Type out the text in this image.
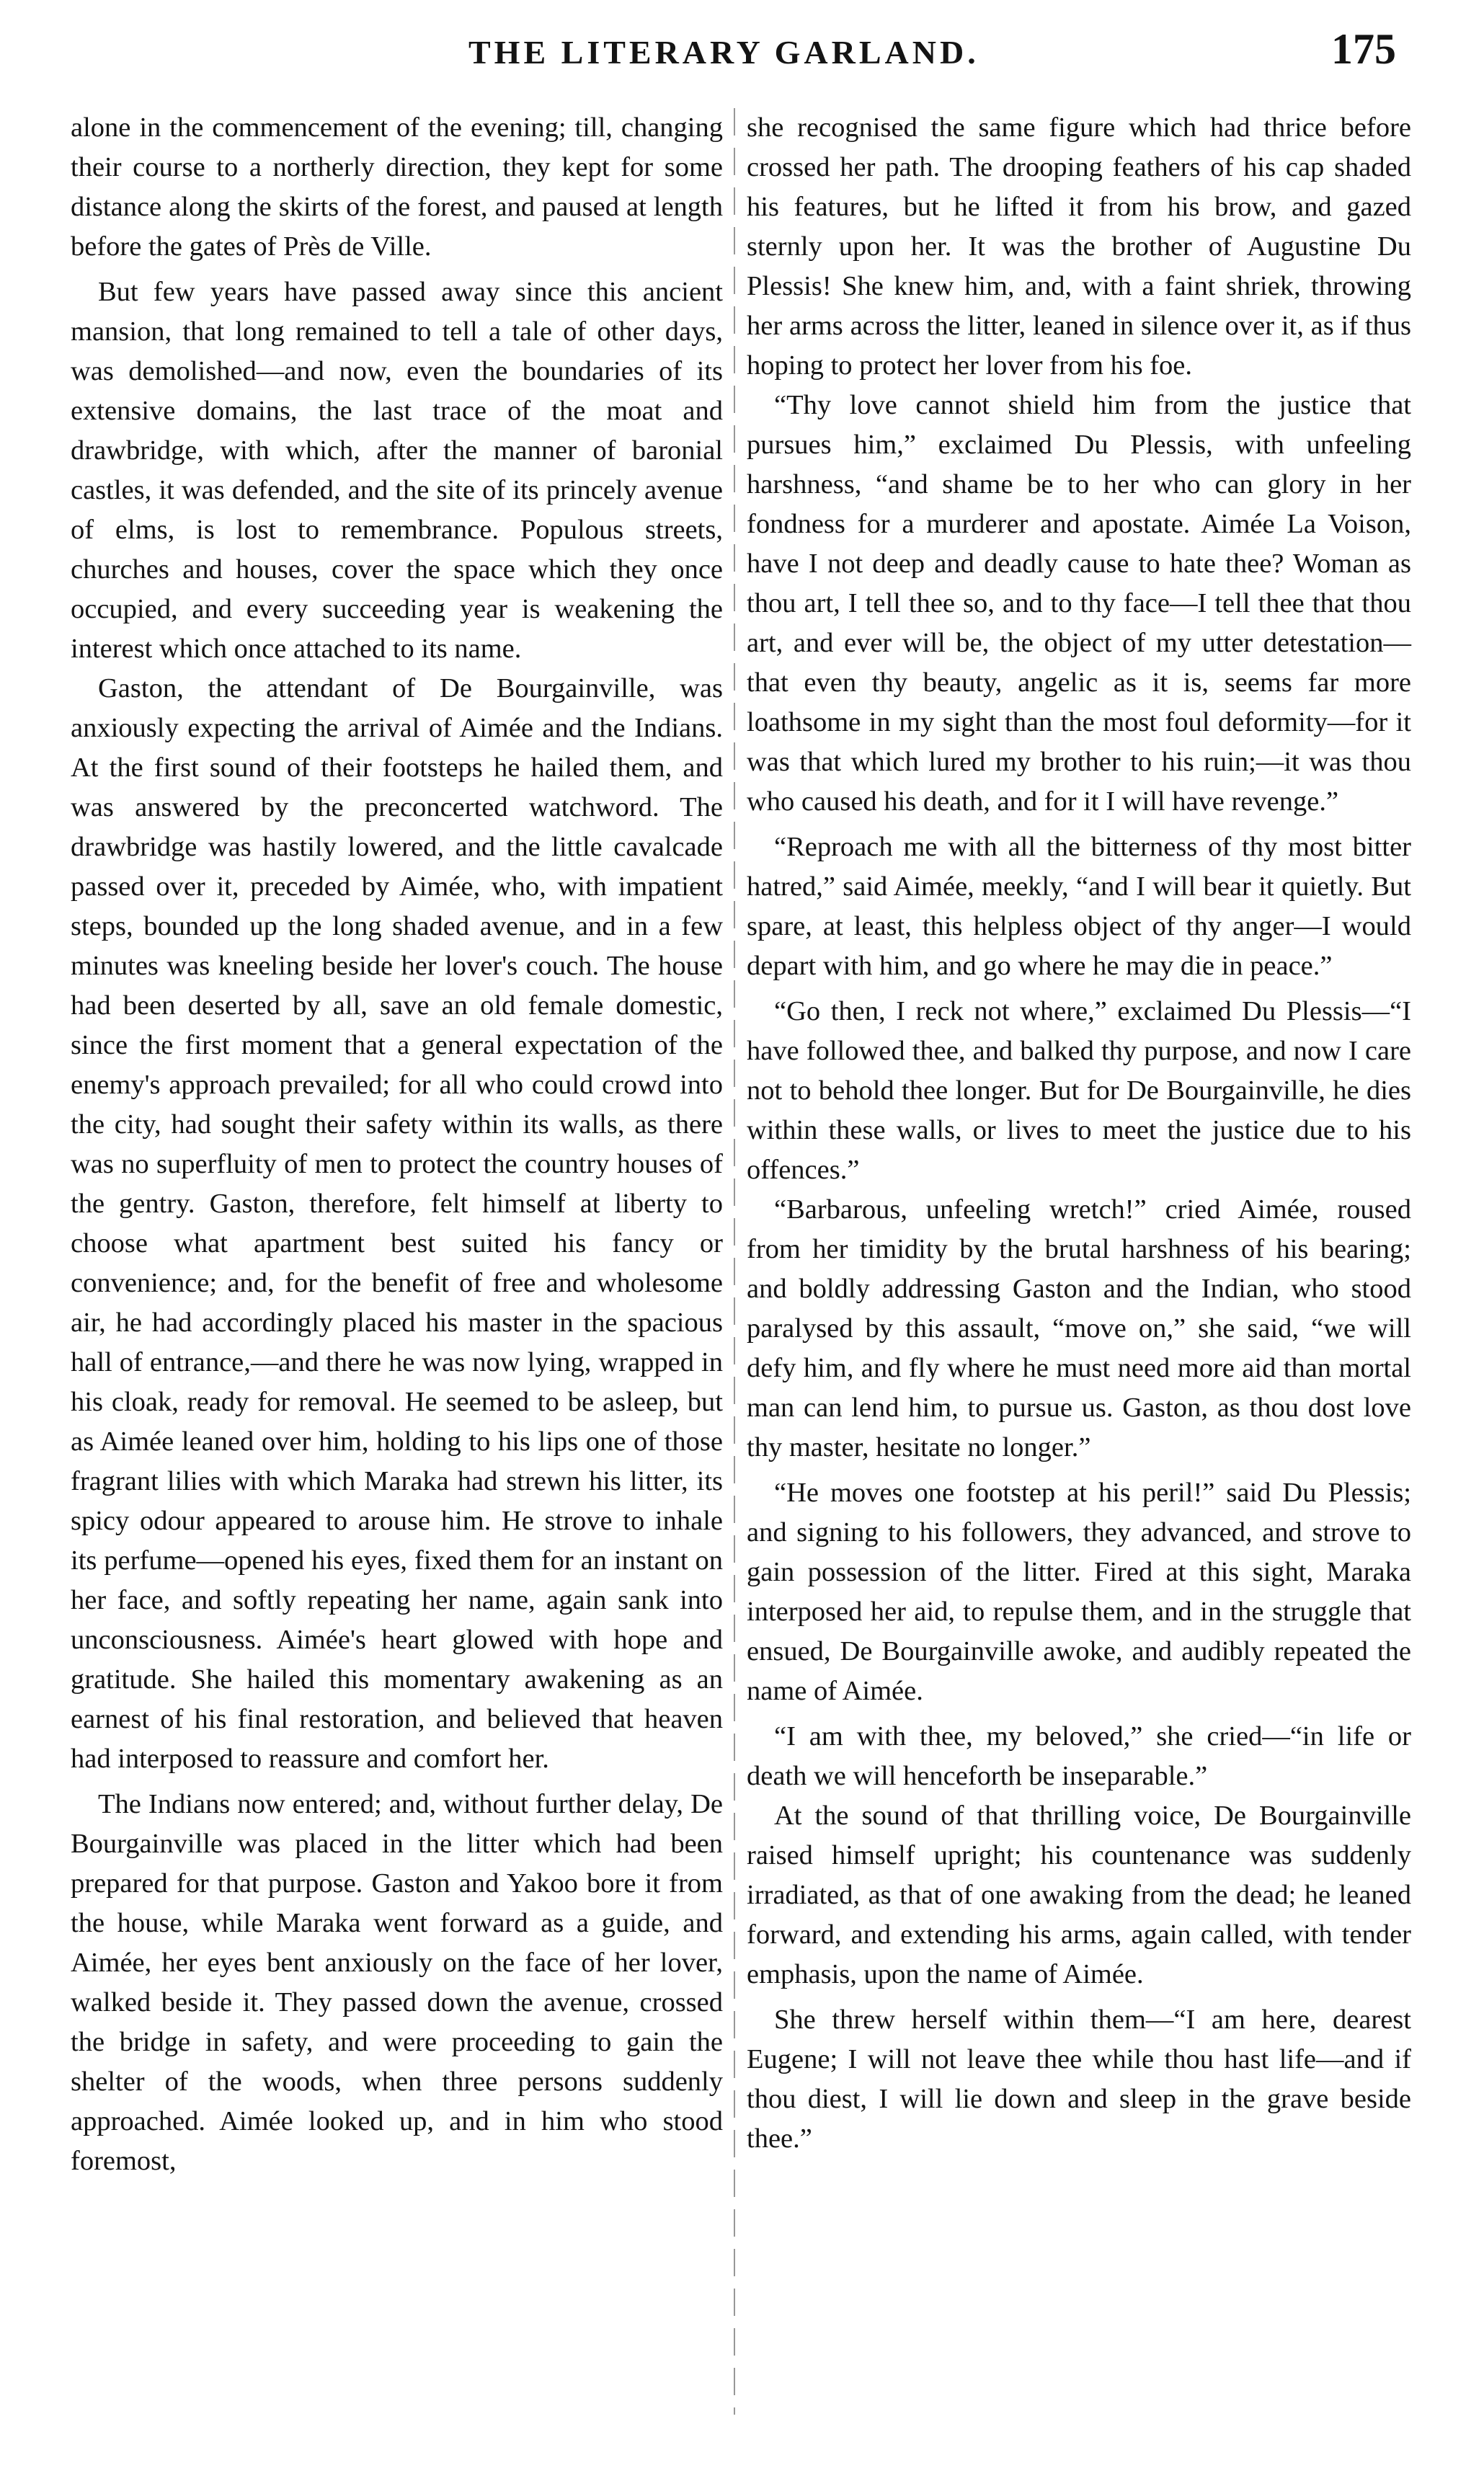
THE LITERARY GARLAND.	175

alone in the commencement of the evening; till, changing their course to a northerly direction, they kept for some distance along the skirts of the forest, and paused at length before the gates of Près de Ville.

But few years have passed away since this ancient mansion, that long remained to tell a tale of other days, was demolished—and now, even the boundaries of its extensive domains, the last trace of the moat and drawbridge, with which, after the manner of baronial castles, it was defended, and the site of its princely avenue of elms, is lost to remembrance. Populous streets, churches and houses, cover the space which they once occupied, and every succeeding year is weakening the interest which once attached to its name.

Gaston, the attendant of De Bourgainville, was anxiously expecting the arrival of Aimée and the Indians. At the first sound of their footsteps he hailed them, and was answered by the preconcerted watchword. The drawbridge was hastily lowered, and the little cavalcade passed over it, preceded by Aimée, who, with impatient steps, bounded up the long shaded avenue, and in a few minutes was kneeling beside her lover's couch. The house had been deserted by all, save an old female domestic, since the first moment that a general expectation of the enemy's approach prevailed; for all who could crowd into the city, had sought their safety within its walls, as there was no superfluity of men to protect the country houses of the gentry. Gaston, therefore, felt himself at liberty to choose what apartment best suited his fancy or convenience; and, for the benefit of free and wholesome air, he had accordingly placed his master in the spacious hall of entrance,—and there he was now lying, wrapped in his cloak, ready for removal. He seemed to be asleep, but as Aimée leaned over him, holding to his lips one of those fragrant lilies with which Maraka had strewn his litter, its spicy odour appeared to arouse him. He strove to inhale its perfume—opened his eyes, fixed them for an instant on her face, and softly repeating her name, again sank into unconsciousness. Aimée's heart glowed with hope and gratitude. She hailed this momentary awakening as an earnest of his final restoration, and believed that heaven had interposed to reassure and comfort her.

The Indians now entered; and, without further delay, De Bourgainville was placed in the litter which had been prepared for that purpose. Gaston and Yakoo bore it from the house, while Maraka went forward as a guide, and Aimée, her eyes bent anxiously on the face of her lover, walked beside it. They passed down the avenue, crossed the bridge in safety, and were proceeding to gain the shelter of the woods, when three persons suddenly approached. Aimée looked up, and in him who stood foremost,

she recognised the same figure which had thrice before crossed her path. The drooping feathers of his cap shaded his features, but he lifted it from his brow, and gazed sternly upon her. It was the brother of Augustine Du Plessis! She knew him, and, with a faint shriek, throwing her arms across the litter, leaned in silence over it, as if thus hoping to protect her lover from his foe.

“Thy love cannot shield him from the justice that pursues him,” exclaimed Du Plessis, with unfeeling harshness, “and shame be to her who can glory in her fondness for a murderer and apostate. Aimée La Voison, have I not deep and deadly cause to hate thee? Woman as thou art, I tell thee so, and to thy face—I tell thee that thou art, and ever will be, the object of my utter detestation—that even thy beauty, angelic as it is, seems far more loathsome in my sight than the most foul deformity—for it was that which lured my brother to his ruin;—it was thou who caused his death, and for it I will have revenge.”

“Reproach me with all the bitterness of thy most bitter hatred,” said Aimée, meekly, “and I will bear it quietly. But spare, at least, this helpless object of thy anger—I would depart with him, and go where he may die in peace.”

“Go then, I reck not where,” exclaimed Du Plessis—“I have followed thee, and balked thy purpose, and now I care not to behold thee longer. But for De Bourgainville, he dies within these walls, or lives to meet the justice due to his offences.”

“Barbarous, unfeeling wretch!” cried Aimée, roused from her timidity by the brutal harshness of his bearing; and boldly addressing Gaston and the Indian, who stood paralysed by this assault, “move on,” she said, “we will defy him, and fly where he must need more aid than mortal man can lend him, to pursue us. Gaston, as thou dost love thy master, hesitate no longer.”

“He moves one footstep at his peril!” said Du Plessis; and signing to his followers, they advanced, and strove to gain possession of the litter. Fired at this sight, Maraka interposed her aid, to repulse them, and in the struggle that ensued, De Bourgainville awoke, and audibly repeated the name of Aimée.

“I am with thee, my beloved,” she cried—“in life or death we will henceforth be inseparable.”

At the sound of that thrilling voice, De Bourgainville raised himself upright; his countenance was suddenly irradiated, as that of one awaking from the dead; he leaned forward, and extending his arms, again called, with tender emphasis, upon the name of Aimée.

She threw herself within them—“I am here, dearest Eugene; I will not leave thee while thou hast life—and if thou diest, I will lie down and sleep in the grave beside thee.”
